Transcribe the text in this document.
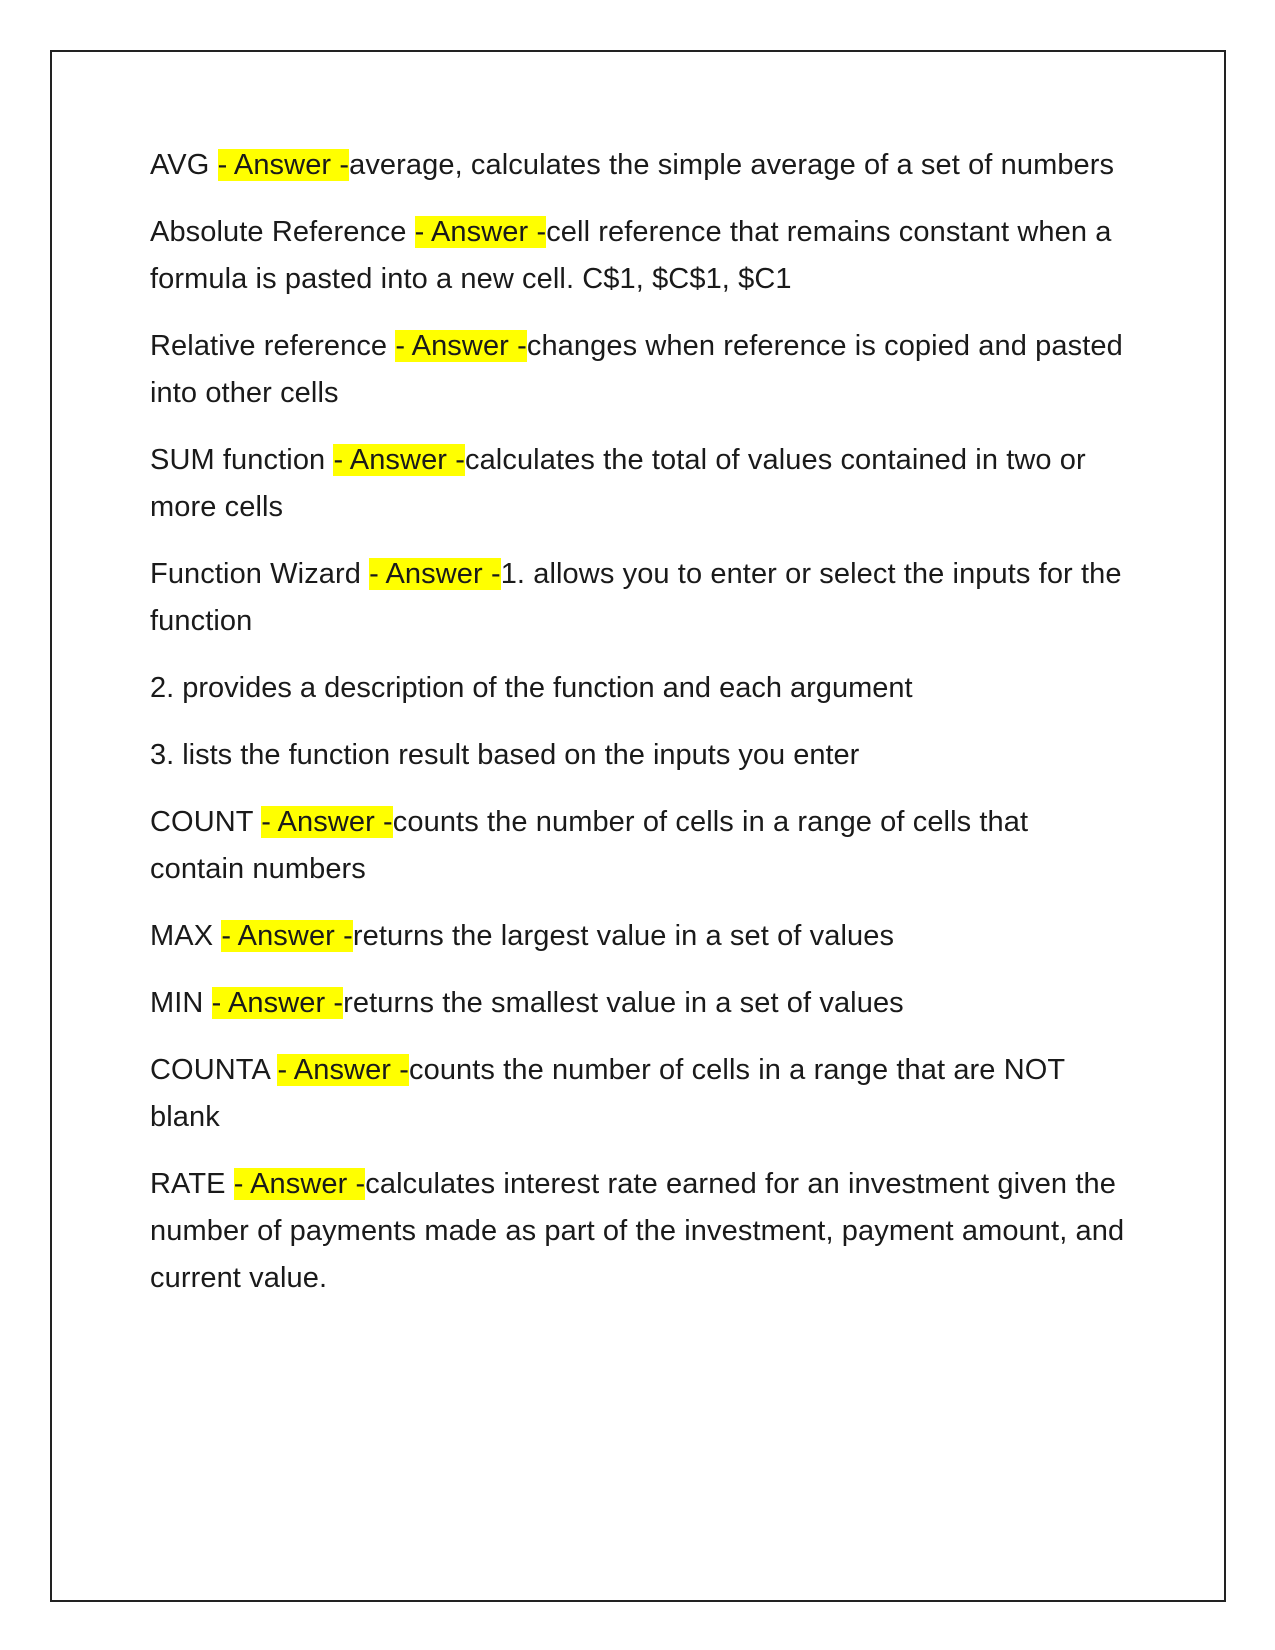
AVG - Answer -average, calculates the simple average of a set of numbers

Absolute Reference - Answer -cell reference that remains constant when a formula is pasted into a new cell. C$1, $C$1, $C1

Relative reference - Answer -changes when reference is copied and pasted into other cells

SUM function - Answer -calculates the total of values contained in two or more cells

Function Wizard - Answer -1. allows you to enter or select the inputs for the function

2. provides a description of the function and each argument

3. lists the function result based on the inputs you enter

COUNT - Answer -counts the number of cells in a range of cells that contain numbers

MAX - Answer -returns the largest value in a set of values

MIN - Answer -returns the smallest value in a set of values

COUNTA - Answer -counts the number of cells in a range that are NOT blank

RATE - Answer -calculates interest rate earned for an investment given the number of payments made as part of the investment, payment amount, and current value.
